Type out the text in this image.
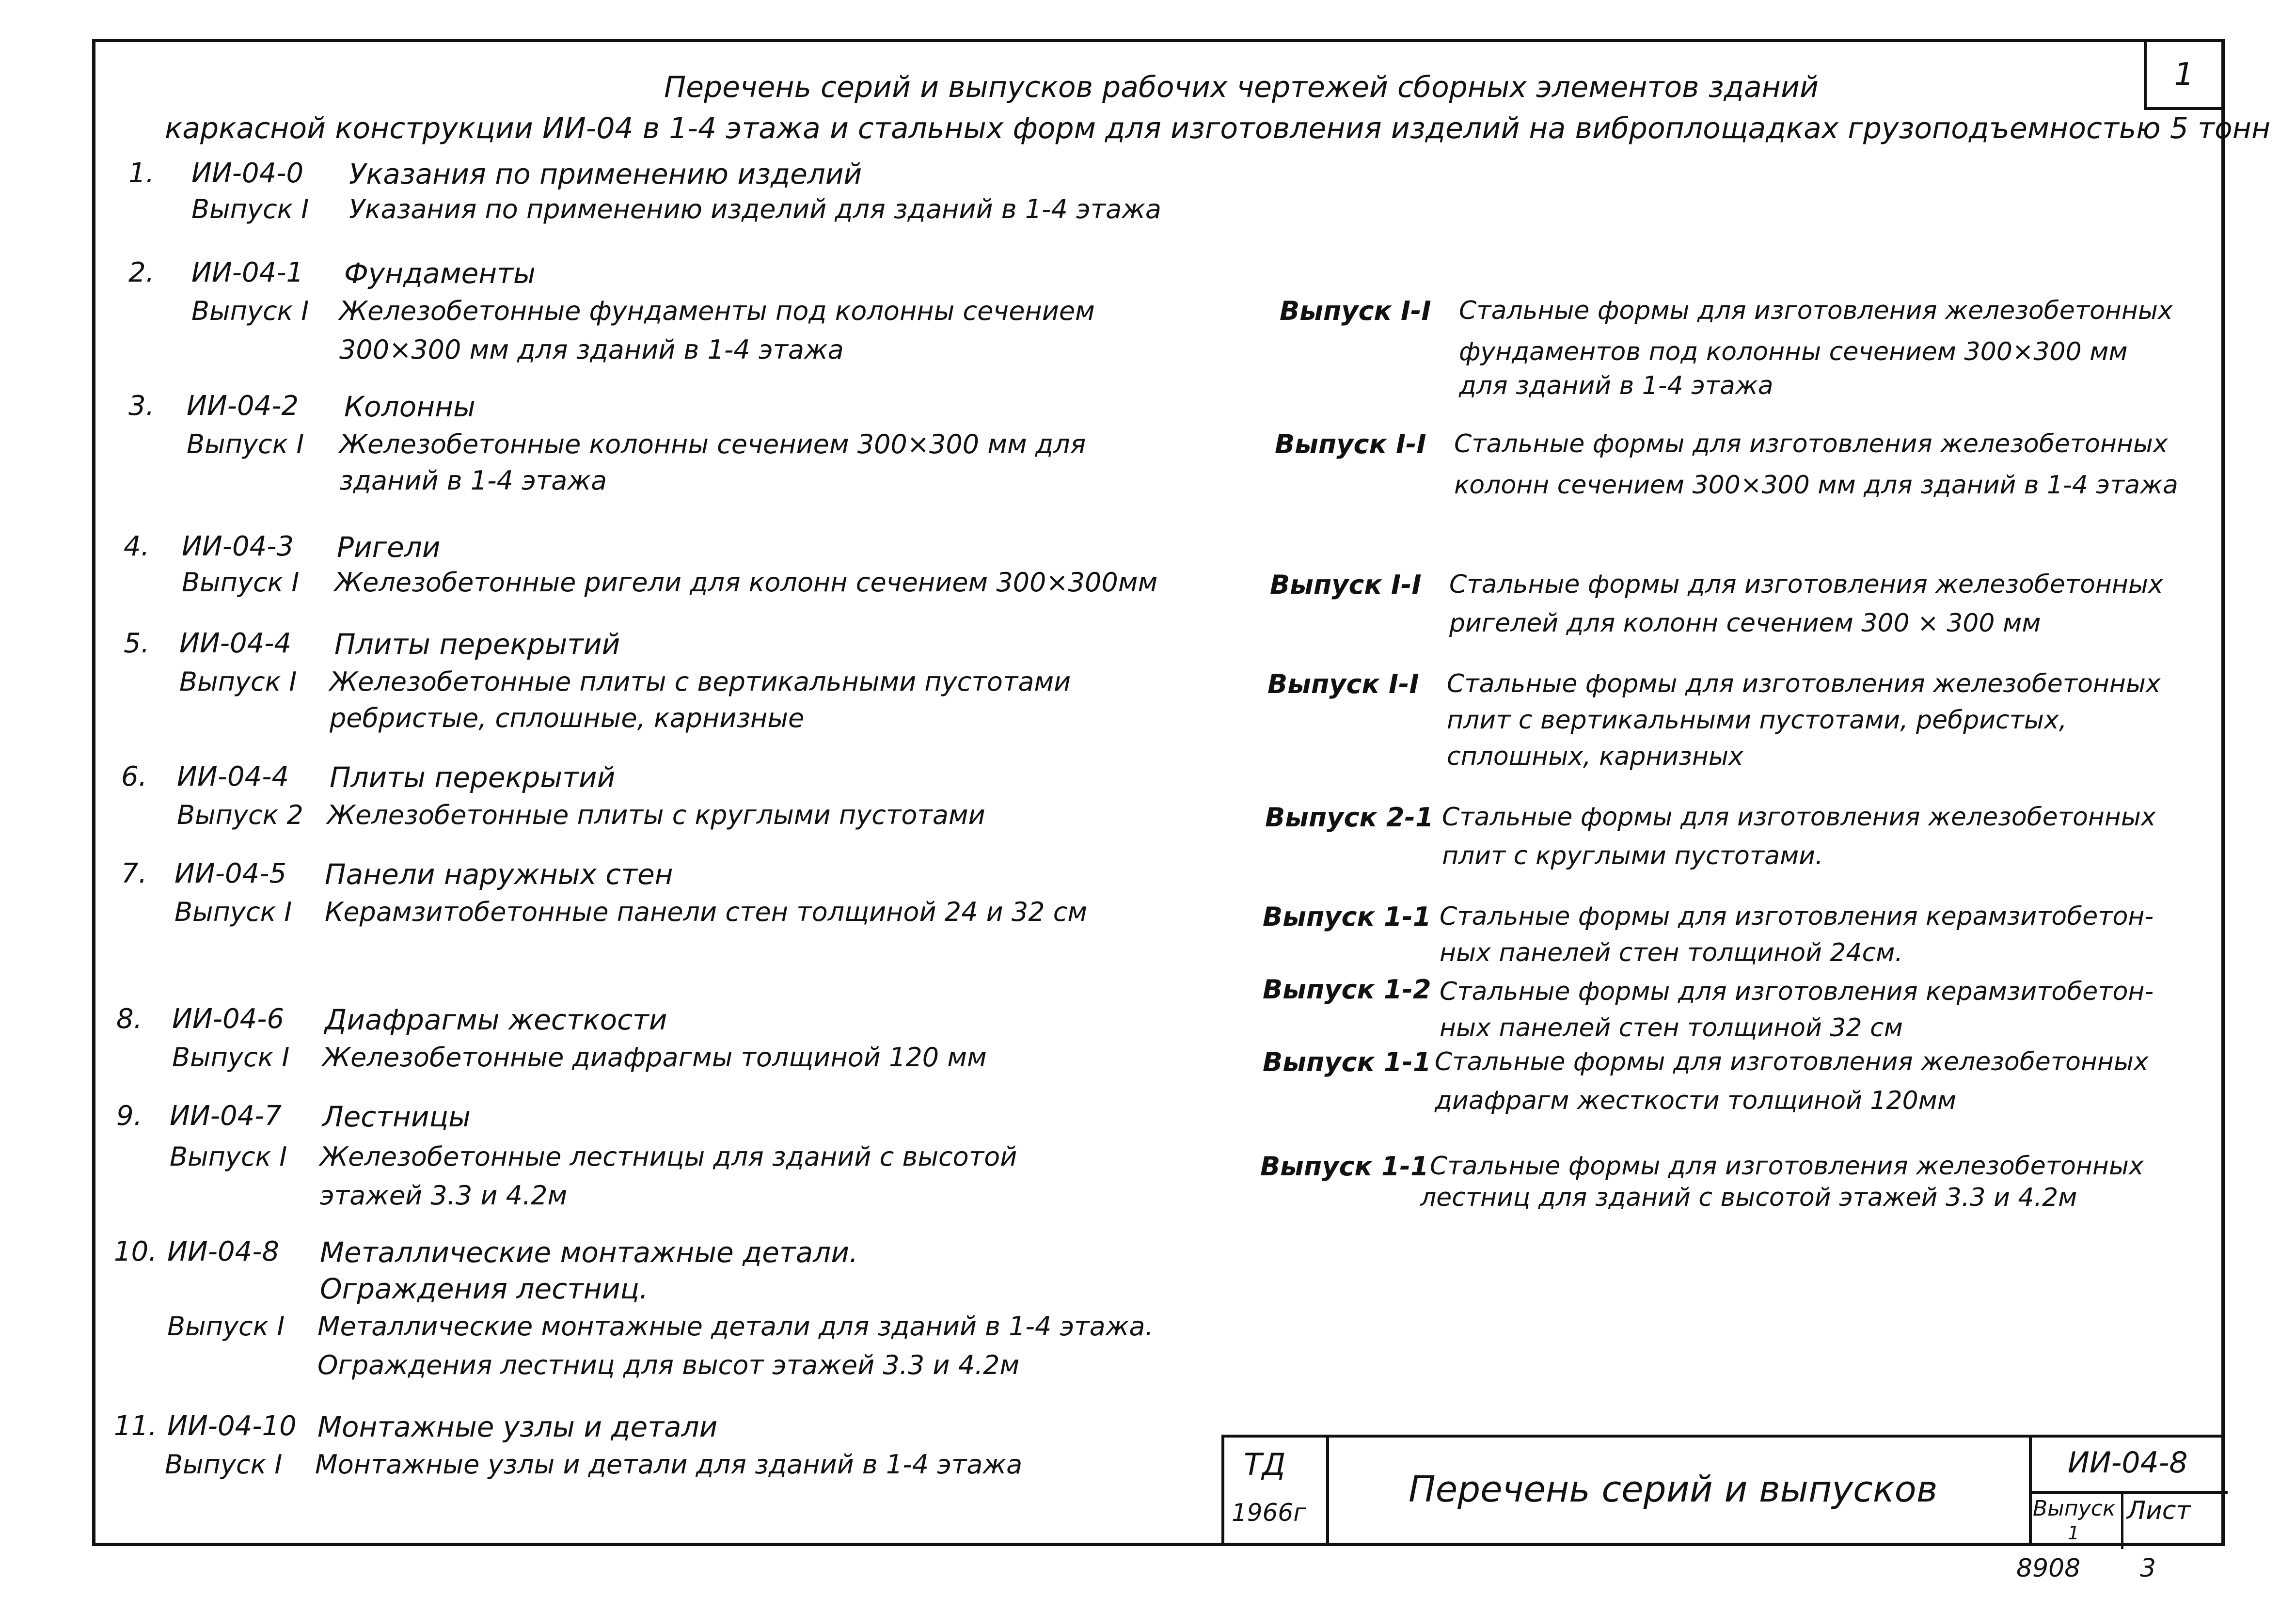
1
Перечень серий и выпусков рабочих чертежей сборных элементов зданий
каркасной конструкции ИИ-04 в 1-4 этажа и стальных форм для изготовления изделий на виброплощадках грузоподъемностью 5 тонн
1. ИИ-04-0 Указания по применению изделий
Выпуск I Указания по применению изделий для зданий в 1-4 этажа
2. ИИ-04-1 Фундаменты
Выпуск I Железобетонные фундаменты под колонны сечением
300×300 мм для зданий в 1-4 этажа
3. ИИ-04-2 Колонны
Выпуск I Железобетонные колонны сечением 300×300 мм для
зданий в 1-4 этажа
4. ИИ-04-3 Ригели
Выпуск I Железобетонные ригели для колонн сечением 300×300мм
5. ИИ-04-4 Плиты перекрытий
Выпуск I Железобетонные плиты с вертикальными пустотами
ребристые, сплошные, карнизные
6. ИИ-04-4 Плиты перекрытий
Выпуск 2 Железобетонные плиты с круглыми пустотами
7. ИИ-04-5 Панели наружных стен
Выпуск I Керамзитобетонные панели стен толщиной 24 и 32 см
8. ИИ-04-6 Диафрагмы жесткости
Выпуск I Железобетонные диафрагмы толщиной 120 мм
9. ИИ-04-7 Лестницы
Выпуск I Железобетонные лестницы для зданий с высотой
этажей 3.3 и 4.2м
10. ИИ-04-8 Металлические монтажные детали.
Ограждения лестниц.
Выпуск I Металлические монтажные детали для зданий в 1-4 этажа.
Ограждения лестниц для высот этажей 3.3 и 4.2м
11. ИИ-04-10 Монтажные узлы и детали
Выпуск I Монтажные узлы и детали для зданий в 1-4 этажа
Выпуск I-I Стальные формы для изготовления железобетонных
фундаментов под колонны сечением 300×300 мм
для зданий в 1-4 этажа
Выпуск I-I Стальные формы для изготовления железобетонных
колонн сечением 300×300 мм для зданий в 1-4 этажа
Выпуск I-I Стальные формы для изготовления железобетонных
ригелей для колонн сечением 300 × 300 мм
Выпуск I-I Стальные формы для изготовления железобетонных
плит с вертикальными пустотами, ребристых,
сплошных, карнизных
Выпуск 2-1 Стальные формы для изготовления железобетонных
плит с круглыми пустотами.
Выпуск 1-1 Стальные формы для изготовления керамзитобетон-
ных панелей стен толщиной 24см.
Выпуск 1-2 Стальные формы для изготовления керамзитобетон-
ных панелей стен толщиной 32 см
Выпуск 1-1 Стальные формы для изготовления железобетонных
диафрагм жесткости толщиной 120мм
Выпуск 1-1 Стальные формы для изготовления железобетонных
лестниц для зданий с высотой этажей 3.3 и 4.2м
ТД
1966г
Перечень серий и выпусков
ИИ-04-8
Выпуск
1
Лист
8908 3
